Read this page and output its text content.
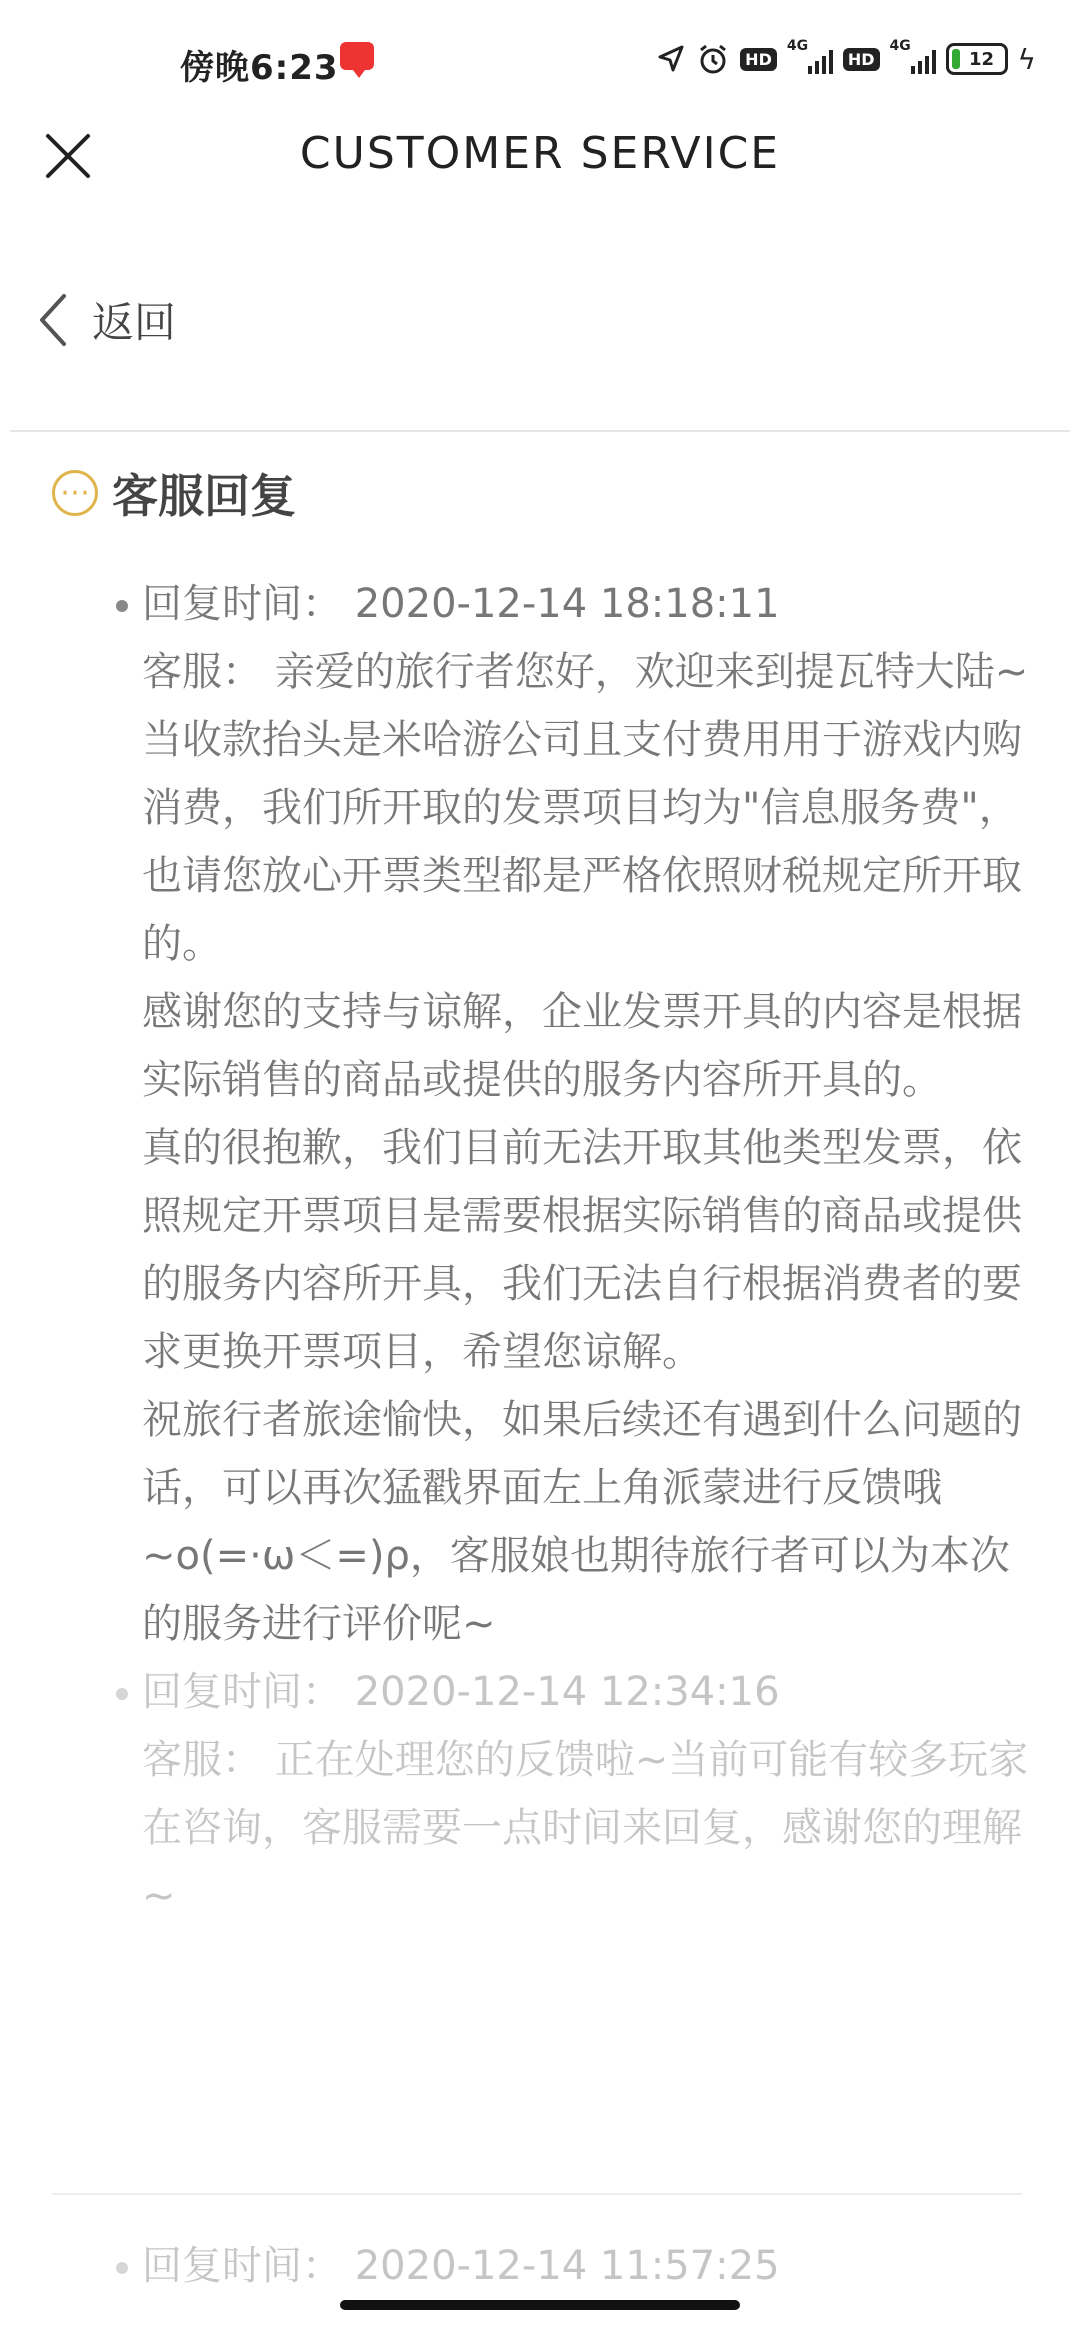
傍晚6:23	HD
4G
HD
4G
12 ϟ
CUSTOMER SERVICE
返回
⋯ 客服回复

回复时间： 2020-12-14 18:18:11

客服： 亲爱的旅行者您好，欢迎来到提瓦特大陆~

当收款抬头是米哈游公司且支付费用用于游戏内购消费，我们所开取的发票项目均为"信息服务费"，也请您放心开票类型都是严格依照财税规定所开取的。

感谢您的支持与谅解，企业发票开具的内容是根据实际销售的商品或提供的服务内容所开具的。

真的很抱歉，我们目前无法开取其他类型发票，依照规定开票项目是需要根据实际销售的商品或提供的服务内容所开具，我们无法自行根据消费者的要求更换开票项目，希望您谅解。

祝旅行者旅途愉快，如果后续还有遇到什么问题的话，可以再次猛戳界面左上角派蒙进行反馈哦~o(=·ω＜=)ρ，客服娘也期待旅行者可以为本次的服务进行评价呢~

回复时间： 2020-12-14 12:34:16

客服： 正在处理您的反馈啦~当前可能有较多玩家在咨询，客服需要一点时间来回复，感谢您的理解~

回复时间： 2020-12-14 11:57:25
